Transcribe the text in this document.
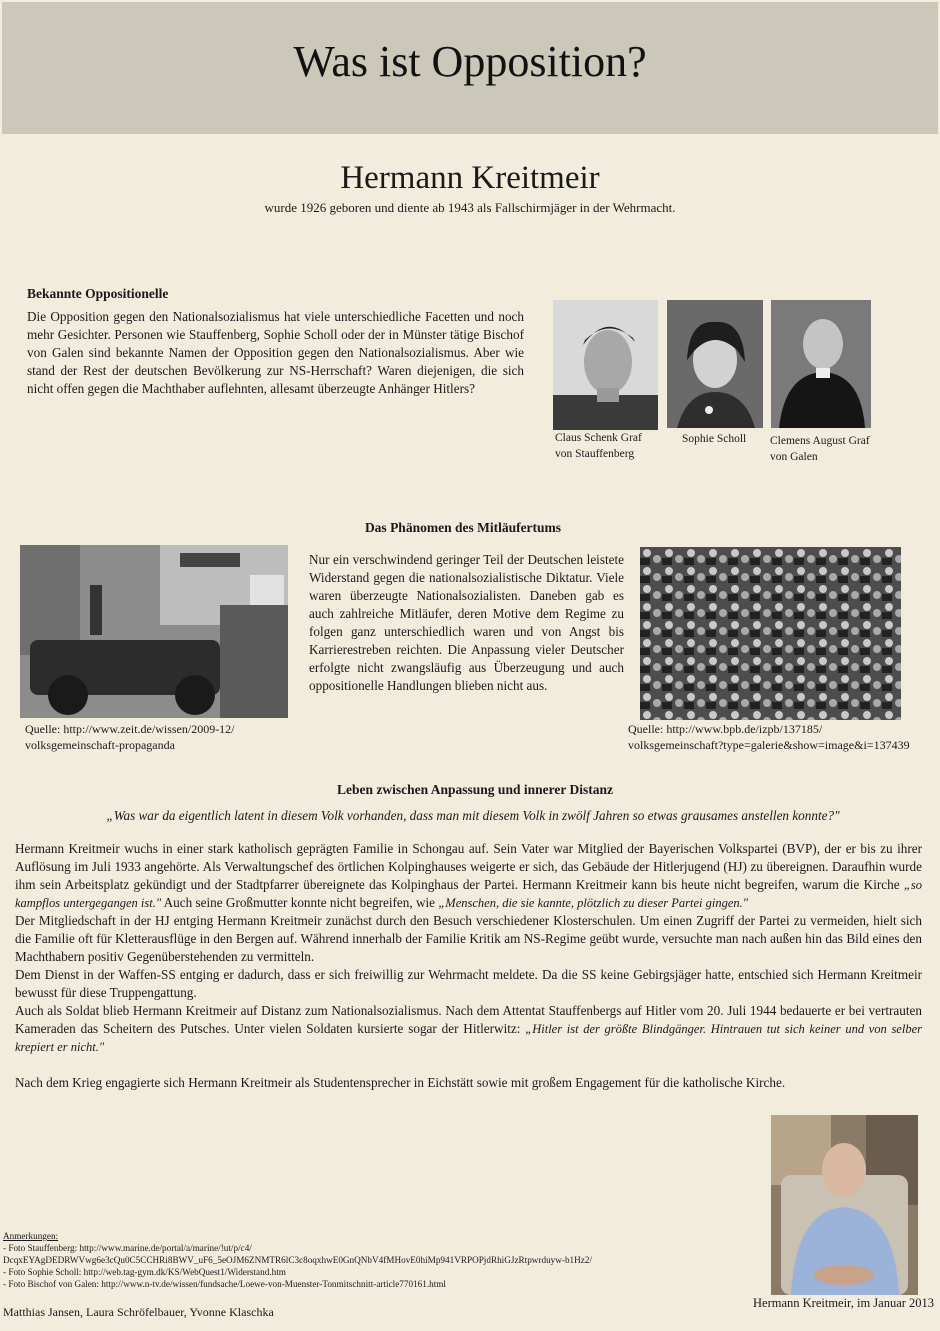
Was ist Opposition?
Hermann Kreitmeir
wurde 1926 geboren und diente ab 1943 als Fallschirmjäger in der Wehrmacht.
Bekannte Oppositionelle
Die Opposition gegen den Nationalsozialismus hat viele unterschiedliche Facetten und noch mehr Gesichter. Personen wie Stauffenberg, Sophie Scholl oder der in Münster tätige Bischof von Galen sind bekannte Namen der Opposition gegen den Nationalsozialismus. Aber wie stand der Rest der deutschen Bevölkerung zur NS-Herrschaft? Waren diejenigen, die sich nicht offen gegen die Machthaber auflehnten, allesamt überzeugte Anhänger Hitlers?
Claus Schenk Graf von Stauffenberg
Sophie Scholl	Clemens August Graf von Galen
Das Phänomen des Mitläufertums
Nur ein verschwindend geringer Teil der Deutschen leistete Widerstand gegen die nationalsozialistische Diktatur. Viele waren überzeugte Nationalsozialisten. Daneben gab es auch zahlreiche Mitläufer, deren Motive dem Regime zu folgen ganz unterschiedlich waren und von Angst bis Karrierestreben reichten. Die Anpassung vieler Deutscher erfolgte nicht zwangsläufig aus Überzeugung und auch oppositionelle Handlungen blieben nicht aus.
Quelle: http://www.zeit.de/wissen/2009-12/
volksgemeinschaft-propaganda
Quelle: http://www.bpb.de/izpb/137185/
volksgemeinschaft?type=galerie&show=image&i=137439
Leben zwischen Anpassung und innerer Distanz
„Was war da eigentlich latent in diesem Volk vorhanden, dass man mit diesem Volk in zwölf Jahren so etwas grausames anstellen konnte?"
Hermann Kreitmeir wuchs in einer stark katholisch geprägten Familie in Schongau auf. Sein Vater war Mitglied der Bayerischen Volkspartei (BVP), der er bis zu ihrer Auflösung im Juli 1933 angehörte. Als Verwaltungschef des örtlichen Kolpinghauses weigerte er sich, das Gebäude der Hitlerjugend (HJ) zu übereignen. Daraufhin wurde ihm sein Arbeitsplatz gekündigt und der Stadtpfarrer übereignete das Kolpinghaus der Partei. Hermann Kreitmeir kann bis heute nicht begreifen, warum die Kirche „so kampflos untergegangen ist." Auch seine Großmutter konnte nicht begreifen, wie „Menschen, die sie kannte, plötzlich zu dieser Partei gingen."
Der Mitgliedschaft in der HJ entging Hermann Kreitmeir zunächst durch den Besuch verschiedener Klosterschulen. Um einen Zugriff der Partei zu vermeiden, hielt sich die Familie oft für Kletterausflüge in den Bergen auf. Während innerhalb der Familie Kritik am NS-Regime geübt wurde, versuchte man nach außen hin das Bild eines den Machthabern positiv Gegenüberstehenden zu vermitteln.
Dem Dienst in der Waffen-SS entging er dadurch, dass er sich freiwillig zur Wehrmacht meldete. Da die SS keine Gebirgsjäger hatte, entschied sich Hermann Kreitmeir bewusst für diese Truppengattung.
Auch als Soldat blieb Hermann Kreitmeir auf Distanz zum Nationalsozialismus. Nach dem Attentat Stauffenbergs auf Hitler vom 20. Juli 1944 bedauerte er bei vertrauten Kameraden das Scheitern des Putsches. Unter vielen Soldaten kursierte sogar der Hitlerwitz: „Hitler ist der größte Blindgänger. Hintrauen tut sich keiner und von selber krepiert er nicht."
Nach dem Krieg engagierte sich Hermann Kreitmeir als Studentensprecher in Eichstätt sowie mit großem Engagement für die katholische Kirche.
Hermann Kreitmeir, im Januar 2013
Anmerkungen:
- Foto Stauffenberg: http://www.marine.de/portal/a/marine/!ut/p/c4/
DcqxEYAgDEDRWVwg6e3cQu0C5CCHRi8BWV_uF6_5eOJM6ZNMTR6lC3c8oqxhwE0GnQNbV4fMHovE0hiMp941VRPOPjdRhiGJzRtpwrduyw-b1Hz2/
- Foto Sophie Scholl: http://web.tag-gym.dk/KS/WebQuest1/Widerstand.htm
- Foto Bischof von Galen: http://www.n-tv.de/wissen/fundsache/Loewe-von-Muenster-Tonmitschnitt-article770161.html
Matthias Jansen, Laura Schröfelbauer, Yvonne Klaschka
